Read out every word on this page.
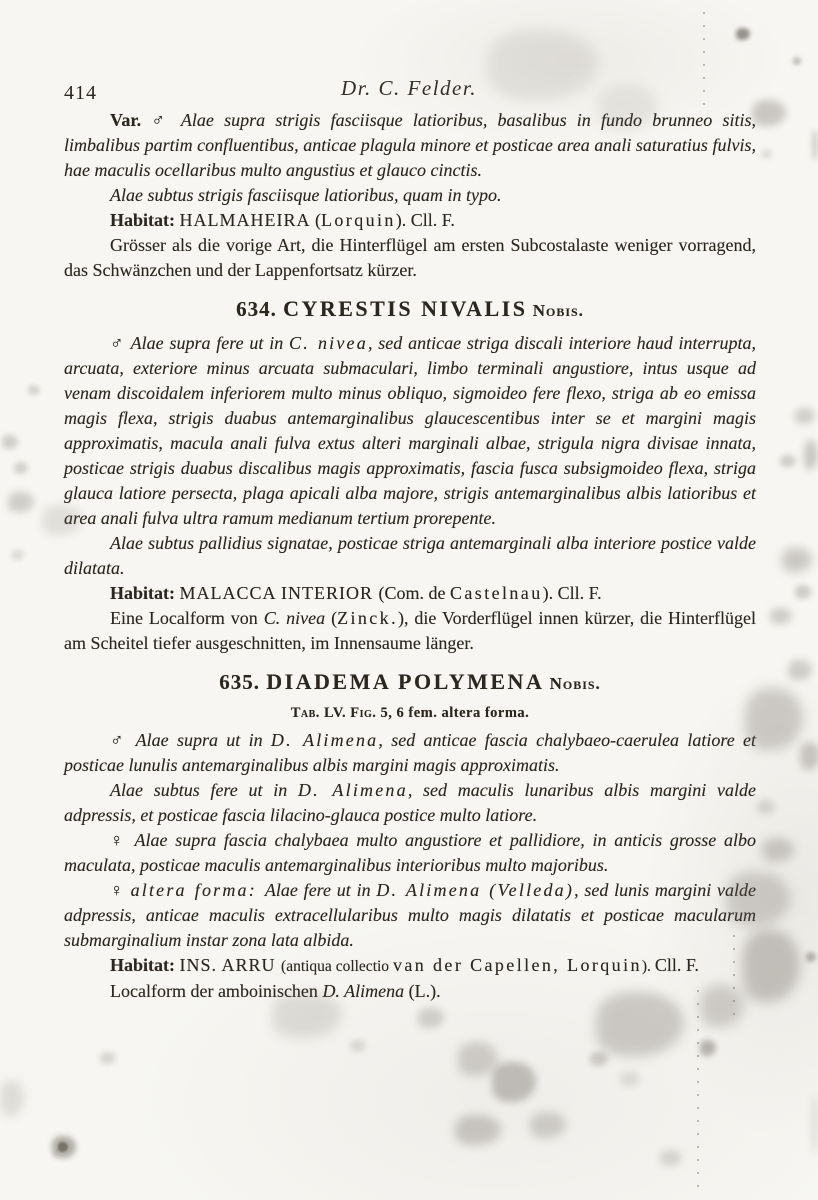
414	Dr. C. Felder.

Var. ♂ Alae supra strigis fasciisque latioribus, basalibus in fundo brunneo sitis, limbalibus partim confluentibus, anticae plagula minore et posticae area anali saturatius fulvis, hae maculis ocellaribus multo angustius et glauco cinctis.

Alae subtus strigis fasciisque latioribus, quam in typo.

Habitat: HALMAHEIRA (Lorquin). Cll. F.

Grösser als die vorige Art, die Hinterflügel am ersten Subcostalaste weniger vorragend, das Schwänzchen und der Lappenfortsatz kürzer.

634. CYRESTIS NIVALIS Nobis.

♂ Alae supra fere ut in C. nivea, sed anticae striga discali interiore haud interrupta, arcuata, exteriore minus arcuata submaculari, limbo terminali angustiore, intus usque ad venam discoidalem inferiorem multo minus obliquo, sigmoideo fere flexo, striga ab eo emissa magis flexa, strigis duabus antemarginalibus glaucescentibus inter se et margini magis approximatis, macula anali fulva extus alteri marginali albae, strigula nigra divisae innata, posticae strigis duabus discalibus magis approximatis, fascia fusca subsigmoideo flexa, striga glauca latiore persecta, plaga apicali alba majore, strigis antemarginalibus albis latioribus et area anali fulva ultra ramum medianum tertium prorepente.

Alae subtus pallidius signatae, posticae striga antemarginali alba interiore postice valde dilatata.

Habitat: MALACCA INTERIOR (Com. de Castelnau). Cll. F.

Eine Localform von C. nivea (Zinck.), die Vorderflügel innen kürzer, die Hinterflügel am Scheitel tiefer ausgeschnitten, im Innensaume länger.

635. DIADEMA POLYMENA Nobis.

Tab. LV. Fig. 5, 6 fem. altera forma.

♂ Alae supra ut in D. Alimena, sed anticae fascia chalybaeo-caerulea latiore et posticae lunulis antemarginalibus albis margini magis approximatis.

Alae subtus fere ut in D. Alimena, sed maculis lunaribus albis margini valde adpressis, et posticae fascia lilacino-glauca postice multo latiore.

♀ Alae supra fascia chalybaea multo angustiore et pallidiore, in anticis grosse albo maculata, posticae maculis antemarginalibus interioribus multo majoribus.

♀ altera forma: Alae fere ut in D. Alimena (Velleda), sed lunis margini valde adpressis, anticae maculis extracellularibus multo magis dilatatis et posticae macularum submarginalium instar zona lata albida.

Habitat: INS. ARRU (antiqua collectio van der Capellen, Lorquin). Cll. F.

Localform der amboinischen D. Alimena (L.).
